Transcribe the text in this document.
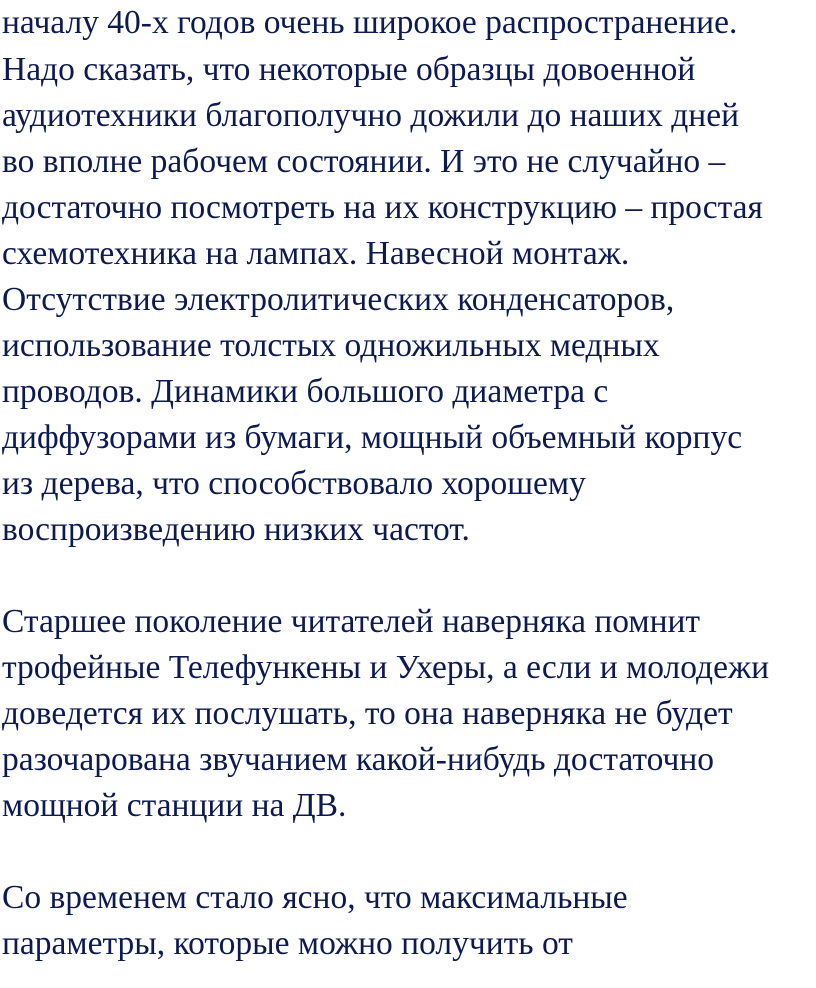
началу 40-х годов очень широкое распространение.

Надо сказать, что некоторые образцы довоенной

аудиотехники благополучно дожили до наших дней

во вполне рабочем состоянии. И это не случайно –

достаточно посмотреть на их конструкцию – простая

схемотехника на лампах. Навесной монтаж.

Отсутствие электролитических конденсаторов,

использование толстых одножильных медных

проводов. Динамики большого диаметра с

диффузорами из бумаги, мощный объемный корпус

из дерева, что способствовало хорошему

воспроизведению низких частот.

Старшее поколение читателей наверняка помнит

трофейные Телефункены и Ухеры, а если и молодежи

доведется их послушать, то она наверняка не будет

разочарована звучанием какой-нибудь достаточно

мощной станции на ДВ.

Со временем стало ясно, что максимальные

параметры, которые можно получить от
